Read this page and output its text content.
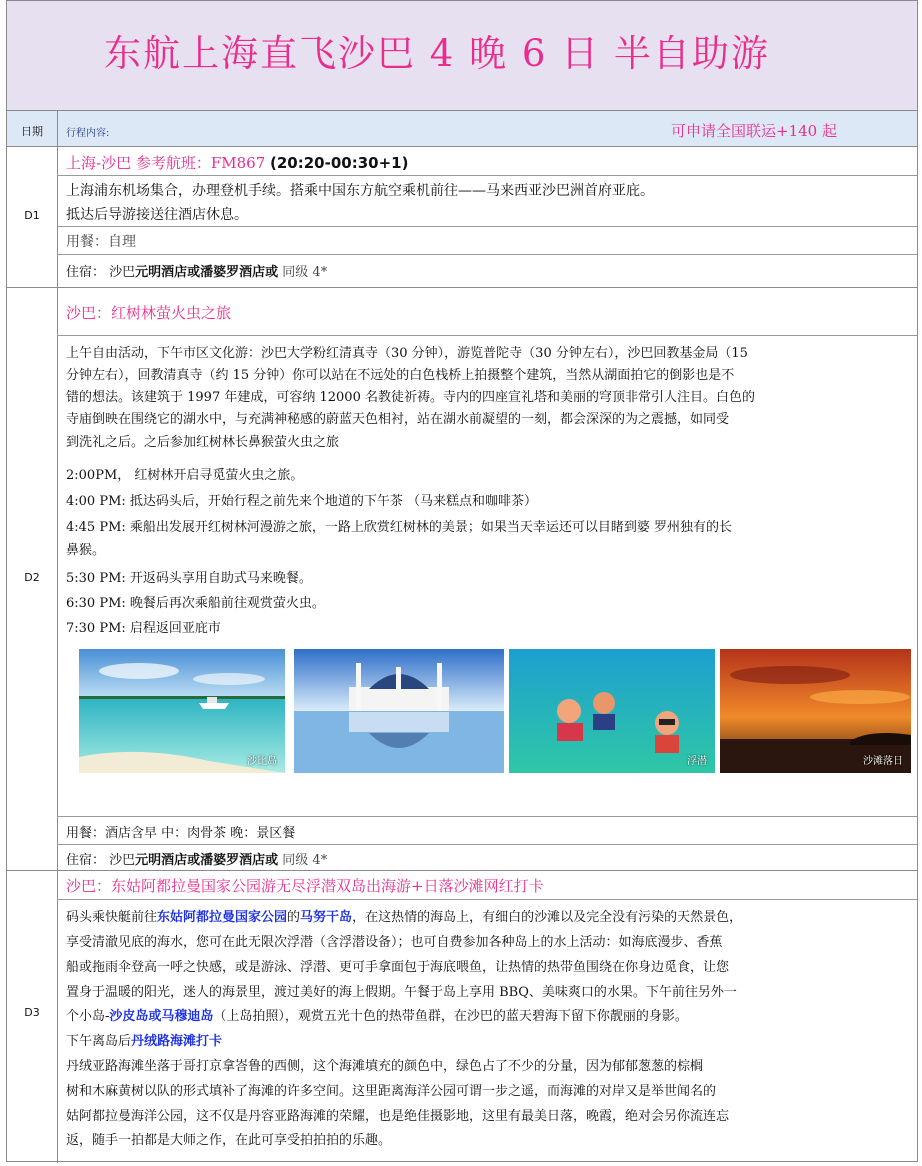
东航上海直飞沙巴 4 晚 6 日 半自助游
日期	行程内容:	可申请全国联运+140 起
D1
上海-沙巴 参考航班：FM867 (20:20-00:30+1)
上海浦东机场集合，办理登机手续。搭乘中国东方航空乘机前往——马来西亚沙巴洲首府亚庇。
抵达后导游接送往酒店休息。
用餐：自理
住宿： 沙巴元明酒店或潘婆罗酒店或 同级 4*
D2
沙巴：红树林萤火虫之旅
上午自由活动，下午市区文化游：沙巴大学粉红清真寺（30 分钟），游览普陀寺（30 分钟左右），沙巴回教基金局（15
分钟左右），回教清真寺（约 15 分钟）你可以站在不远处的白色栈桥上拍摄整个建筑，当然从湖面拍它的倒影也是不
错的想法。该建筑于 1997 年建成，可容纳 12000 名教徒祈祷。寺内的四座宣礼塔和美丽的穹顶非常引人注目。白色的
寺庙倒映在围绕它的湖水中，与充满神秘感的蔚蓝天色相衬，站在湖水前凝望的一刻，都会深深的为之震撼，如同受
到洗礼之后。之后参加红树林长鼻猴萤火虫之旅
2:00PM， 红树林开启寻觅萤火虫之旅。
4:00 PM: 抵达码头后，开始行程之前先来个地道的下午茶 （马来糕点和咖啡茶）
4:45 PM: 乘船出发展开红树林河漫游之旅，一路上欣赏红树林的美景；如果当天幸运还可以目睹到婆 罗州独有的长
鼻猴。
5:30 PM: 开返码头享用自助式马来晚餐。
6:30 PM: 晚餐后再次乘船前往观赏萤火虫。
7:30 PM: 启程返回亚庇市
沙比岛	浮潜	沙滩落日
用餐：酒店含早 中：肉骨茶 晚：景区餐
住宿： 沙巴元明酒店或潘婆罗酒店或 同级 4*
D3
沙巴：东姑阿都拉曼国家公园游无尽浮潜双岛出海游+日落沙滩网红打卡
码头乘快艇前往东姑阿都拉曼国家公园的马努干岛，在这热情的海岛上，有细白的沙滩以及完全没有污染的天然景色，
享受清澈见底的海水，您可在此无限次浮潜（含浮潜设备）；也可自费参加各种岛上的水上活动：如海底漫步、香蕉
船或拖雨伞登高一呼之快感，或是游泳、浮潜、更可手拿面包于海底喂鱼，让热情的热带鱼围绕在你身边觅食，让您
置身于温暖的阳光，迷人的海景里，渡过美好的海上假期。午餐于岛上享用 BBQ、美味爽口的水果。下午前往另外一
个小岛-沙皮岛或马穆迪岛（上岛拍照），观赏五光十色的热带鱼群，在沙巴的蓝天碧海下留下你靓丽的身影。
下午离岛后丹绒路海滩打卡
丹绒亚路海滩坐落于哥打京拿峇鲁的西侧，这个海滩填充的颜色中，绿色占了不少的分量，因为郁郁葱葱的棕榈
树和木麻黄树以队的形式填补了海滩的许多空间。这里距离海洋公园可谓一步之遥，而海滩的对岸又是举世闻名的
姑阿都拉曼海洋公园，这不仅是丹容亚路海滩的荣耀，也是绝佳摄影地，这里有最美日落，晚霞，绝对会另你流连忘
返，随手一拍都是大师之作，在此可享受拍拍拍的乐趣。
